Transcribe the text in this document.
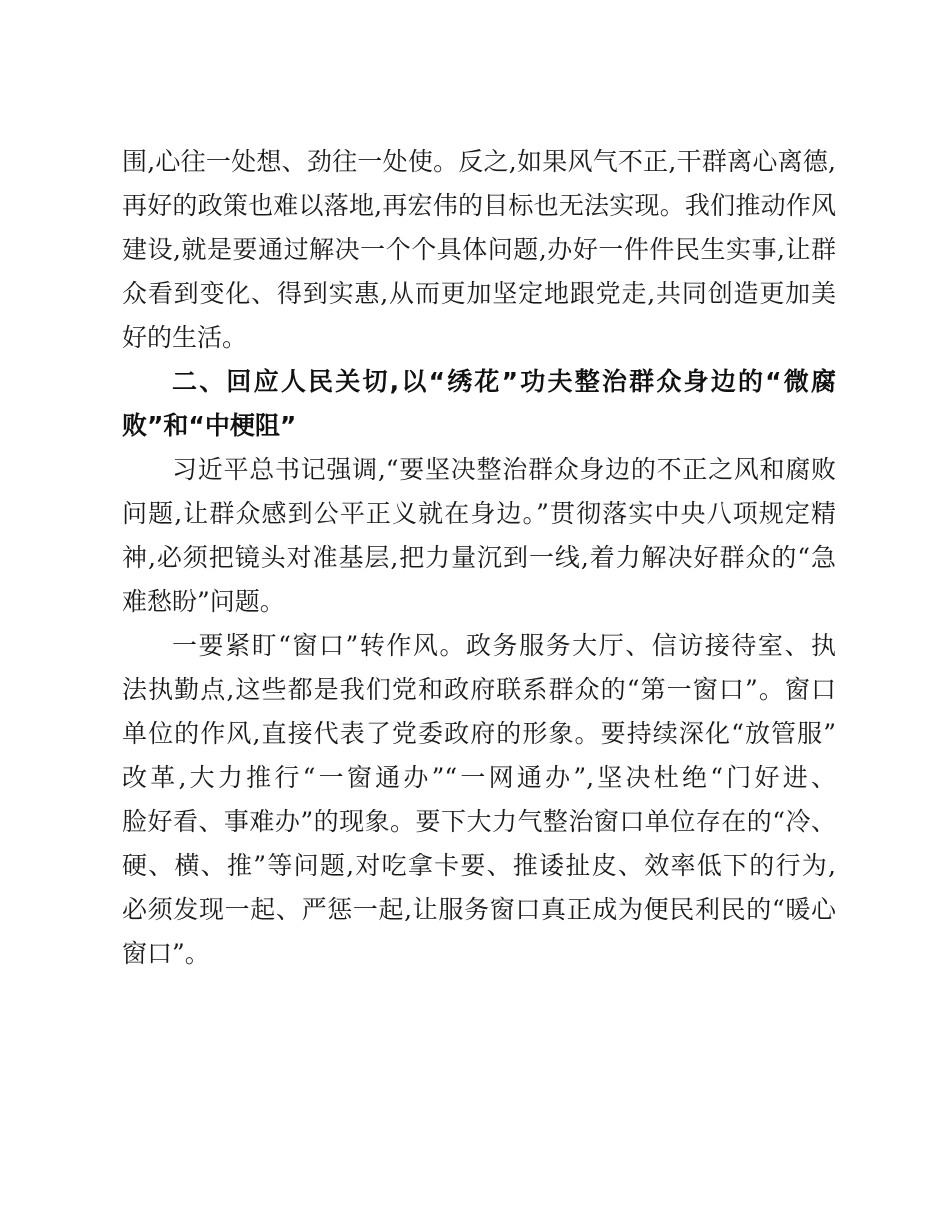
围,心往一处想、劲往一处使。反之,如果风气不正,干群离心离德,
再好的政策也难以落地,再宏伟的目标也无法实现。我们推动作风
建设,就是要通过解决一个个具体问题,办好一件件民生实事,让群
众看到变化、得到实惠,从而更加坚定地跟党走,共同创造更加美
好的生活。
二、回应人民关切,以“绣花”功夫整治群众身边的“微腐
败”和“中梗阻”
习近平总书记强调,“要坚决整治群众身边的不正之风和腐败
问题,让群众感到公平正义就在身边。”贯彻落实中央八项规定精
神,必须把镜头对准基层,把力量沉到一线,着力解决好群众的“急
难愁盼”问题。
一要紧盯“窗口”转作风。政务服务大厅、信访接待室、执
法执勤点,这些都是我们党和政府联系群众的“第一窗口”。窗口
单位的作风,直接代表了党委政府的形象。要持续深化“放管服”
改革,大力推行“一窗通办”“一网通办”,坚决杜绝“门好进、
脸好看、事难办”的现象。要下大力气整治窗口单位存在的“冷、
硬、横、推”等问题,对吃拿卡要、推诿扯皮、效率低下的行为,
必须发现一起、严惩一起,让服务窗口真正成为便民利民的“暖心
窗口”。
